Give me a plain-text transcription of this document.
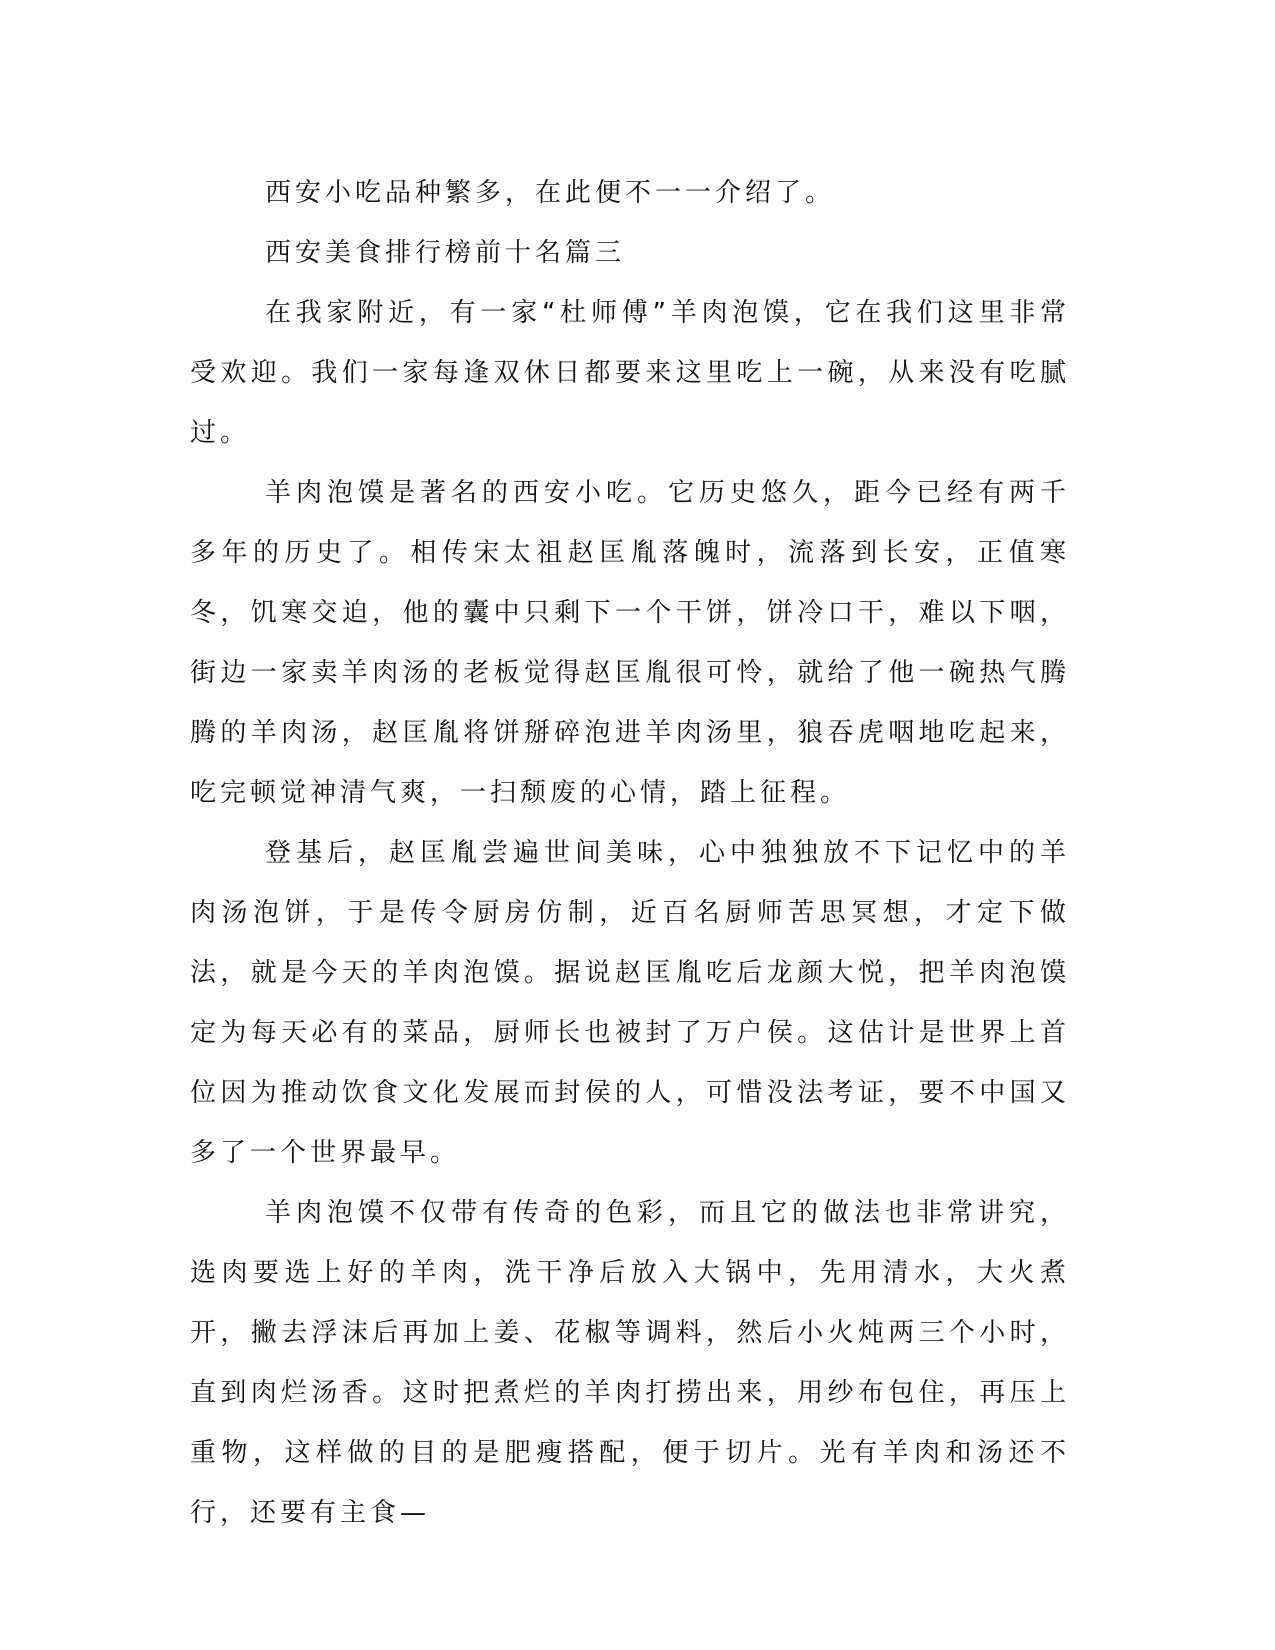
西安小吃品种繁多，在此便不一一介绍了。

西安美食排行榜前十名篇三

在我家附近，有一家“杜师傅”羊肉泡馍，它在我们这里非常受欢迎。我们一家每逢双休日都要来这里吃上一碗，从来没有吃腻过。

羊肉泡馍是著名的西安小吃。它历史悠久，距今已经有两千多年的历史了。相传宋太祖赵匡胤落魄时，流落到长安，正值寒冬，饥寒交迫，他的囊中只剩下一个干饼，饼冷口干，难以下咽，街边一家卖羊肉汤的老板觉得赵匡胤很可怜，就给了他一碗热气腾腾的羊肉汤，赵匡胤将饼掰碎泡进羊肉汤里，狼吞虎咽地吃起来，吃完顿觉神清气爽，一扫颓废的心情，踏上征程。

登基后，赵匡胤尝遍世间美味，心中独独放不下记忆中的羊肉汤泡饼，于是传令厨房仿制，近百名厨师苦思冥想，才定下做法，就是今天的羊肉泡馍。据说赵匡胤吃后龙颜大悦，把羊肉泡馍定为每天必有的菜品，厨师长也被封了万户侯。这估计是世界上首位因为推动饮食文化发展而封侯的人，可惜没法考证，要不中国又多了一个世界最早。

羊肉泡馍不仅带有传奇的色彩，而且它的做法也非常讲究，选肉要选上好的羊肉，洗干净后放入大锅中，先用清水，大火煮开，撇去浮沫后再加上姜、花椒等调料，然后小火炖两三个小时，直到肉烂汤香。这时把煮烂的羊肉打捞出来，用纱布包住，再压上重物，这样做的目的是肥瘦搭配，便于切片。光有羊肉和汤还不行，还要有主食—
